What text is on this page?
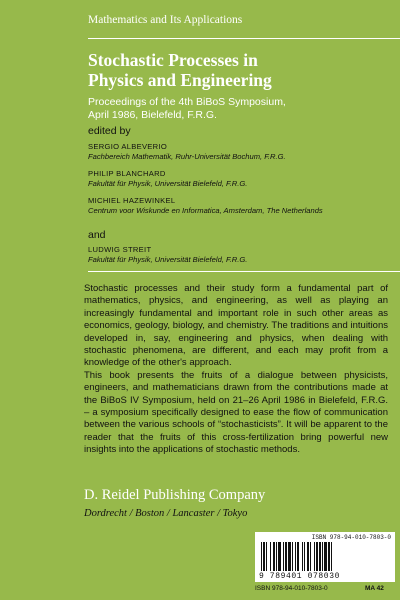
Mathematics and Its Applications
Stochastic Processes in
Physics and Engineering
Proceedings of the 4th BiBoS Symposium,
April 1986, Bielefeld, F.R.G.
edited by
SERGIO ALBEVERIO
Fachbereich Mathematik, Ruhr-Universität Bochum, F.R.G.
PHILIP BLANCHARD
Fakultät für Physik, Universität Bielefeld, F.R.G.
MICHIEL HAZEWINKEL
Centrum voor Wiskunde en Informatica, Amsterdam, The Netherlands
and
LUDWIG STREIT
Fakultät für Physik, Universität Bielefeld, F.R.G.

Stochastic processes and their study form a fundamental part of mathematics, physics, and engineering, as well as playing an increasingly fundamental and important role in such other areas as economics, geology, biology, and chemistry. The traditions and intuitions developed in, say, engineering and physics, when dealing with stochastic phenomena, are different, and each may profit from a knowledge of the other's approach.

This book presents the fruits of a dialogue between physicists, engineers, and mathematicians drawn from the contributions made at the BiBoS IV Symposium, held on 21–26 April 1986 in Bielefeld, F.R.G. – a symposium specifically designed to ease the flow of communication between the various schools of “stochasticists”. It will be apparent to the reader that the fruits of this cross-fertilization bring powerful new insights into the applications of stochastic methods.

D. Reidel Publishing Company
Dordrecht / Boston / Lancaster / Tokyo
ISBN 978-94-010-7803-0
9 789401 078030
ISBN 978-94-010-7803-0	MA 42
